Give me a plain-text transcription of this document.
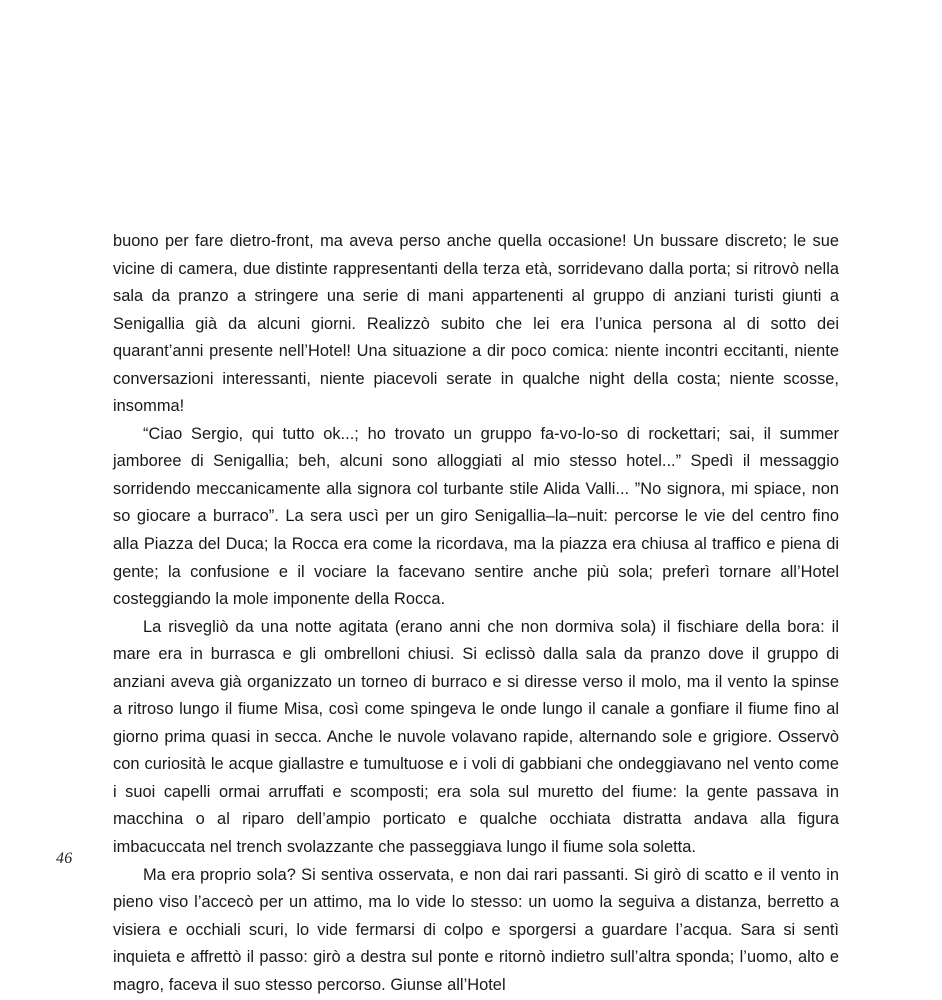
46

buono per fare dietro-front, ma aveva perso anche quella occasione! Un bussare discreto; le sue vicine di camera, due distinte rappresentanti della terza età, sorridevano dalla porta; si ritrovò nella sala da pranzo a stringere una serie di mani appartenenti al gruppo di anziani turisti giunti a Senigallia già da alcuni giorni. Realizzò subito che lei era l’unica persona al di sotto dei quarant’anni presente nell’Hotel! Una situazione a dir poco comica: niente incontri eccitanti, niente conversazioni interessanti, niente piacevoli serate in qualche night della costa; niente scosse, insomma!

“Ciao Sergio, qui tutto ok...; ho trovato un gruppo fa-vo-lo-so di rockettari; sai, il summer jamboree di Senigallia; beh, alcuni sono alloggiati al mio stesso hotel...” Spedì il messaggio sorridendo meccanicamente alla signora col turbante stile Alida Valli... ”No signora, mi spiace, non so giocare a burraco”. La sera uscì per un giro Senigallia–la–nuit: percorse le vie del centro fino alla Piazza del Duca; la Rocca era come la ricordava, ma la piazza era chiusa al traffico e piena di gente; la confusione e il vociare la facevano sentire anche più sola; preferì tornare all’Hotel costeggiando la mole imponente della Rocca.

La risvegliò da una notte agitata (erano anni che non dormiva sola) il fischiare della bora: il mare era in burrasca e gli ombrelloni chiusi. Si eclissò dalla sala da pranzo dove il gruppo di anziani aveva già organizzato un torneo di burraco e si diresse verso il molo, ma il vento la spinse a ritroso lungo il fiume Misa, così come spingeva le onde lungo il canale a gonfiare il fiume fino al giorno prima quasi in secca. Anche le nuvole volavano rapide, alternando sole e grigiore. Osservò con curiosità le acque giallastre e tumultuose e i voli di gabbiani che ondeggiavano nel vento come i suoi capelli ormai arruffati e scomposti; era sola sul muretto del fiume: la gente passava in macchina o al riparo dell’ampio porticato e qualche occhiata distratta andava alla figura imbacuccata nel trench svolazzante che passeggiava lungo il fiume sola soletta.

Ma era proprio sola? Si sentiva osservata, e non dai rari passanti. Si girò di scatto e il vento in pieno viso l’accecò per un attimo, ma lo vide lo stesso: un uomo la seguiva a distanza, berretto a visiera e occhiali scuri, lo vide fermarsi di colpo e sporgersi a guardare l’acqua. Sara si sentì inquieta e affrettò il passo: girò a destra sul ponte e ritornò indietro sull’altra sponda; l’uomo, alto e magro, faceva il suo stesso percorso. Giunse all’Hotel
